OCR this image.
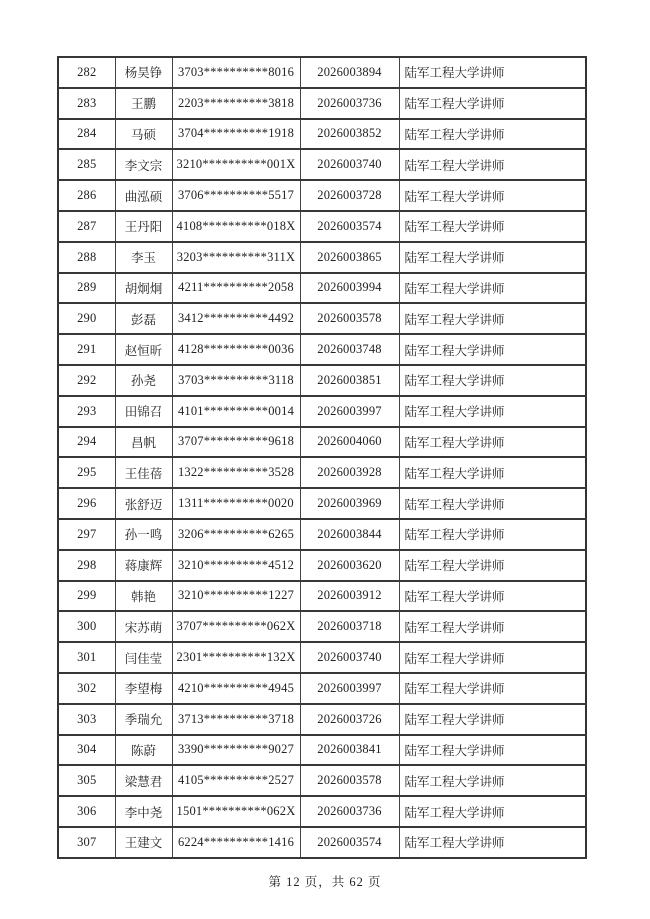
282	杨昊铮	3703**********8016	2026003894	陆军工程大学讲师
283	王鹏	2203**********3818	2026003736	陆军工程大学讲师
284	马硕	3704**********1918	2026003852	陆军工程大学讲师
285	李文宗	3210**********001X	2026003740	陆军工程大学讲师
286	曲泓硕	3706**********5517	2026003728	陆军工程大学讲师
287	王丹阳	4108**********018X	2026003574	陆军工程大学讲师
288	李玉	3203**********311X	2026003865	陆军工程大学讲师
289	胡炯炯	4211**********2058	2026003994	陆军工程大学讲师
290	彭磊	3412**********4492	2026003578	陆军工程大学讲师
291	赵恒昕	4128**********0036	2026003748	陆军工程大学讲师
292	孙尧	3703**********3118	2026003851	陆军工程大学讲师
293	田锦召	4101**********0014	2026003997	陆军工程大学讲师
294	昌帆	3707**********9618	2026004060	陆军工程大学讲师
295	王佳蓓	1322**********3528	2026003928	陆军工程大学讲师
296	张舒迈	1311**********0020	2026003969	陆军工程大学讲师
297	孙一鸣	3206**********6265	2026003844	陆军工程大学讲师
298	蒋康辉	3210**********4512	2026003620	陆军工程大学讲师
299	韩艳	3210**********1227	2026003912	陆军工程大学讲师
300	宋苏萌	3707**********062X	2026003718	陆军工程大学讲师
301	闫佳莹	2301**********132X	2026003740	陆军工程大学讲师
302	李望梅	4210**********4945	2026003997	陆军工程大学讲师
303	季瑞允	3713**********3718	2026003726	陆军工程大学讲师
304	陈蔚	3390**********9027	2026003841	陆军工程大学讲师
305	梁慧君	4105**********2527	2026003578	陆军工程大学讲师
306	李中尧	1501**********062X	2026003736	陆军工程大学讲师
307	王建文	6224**********1416	2026003574	陆军工程大学讲师
第 12 页，共 62 页
